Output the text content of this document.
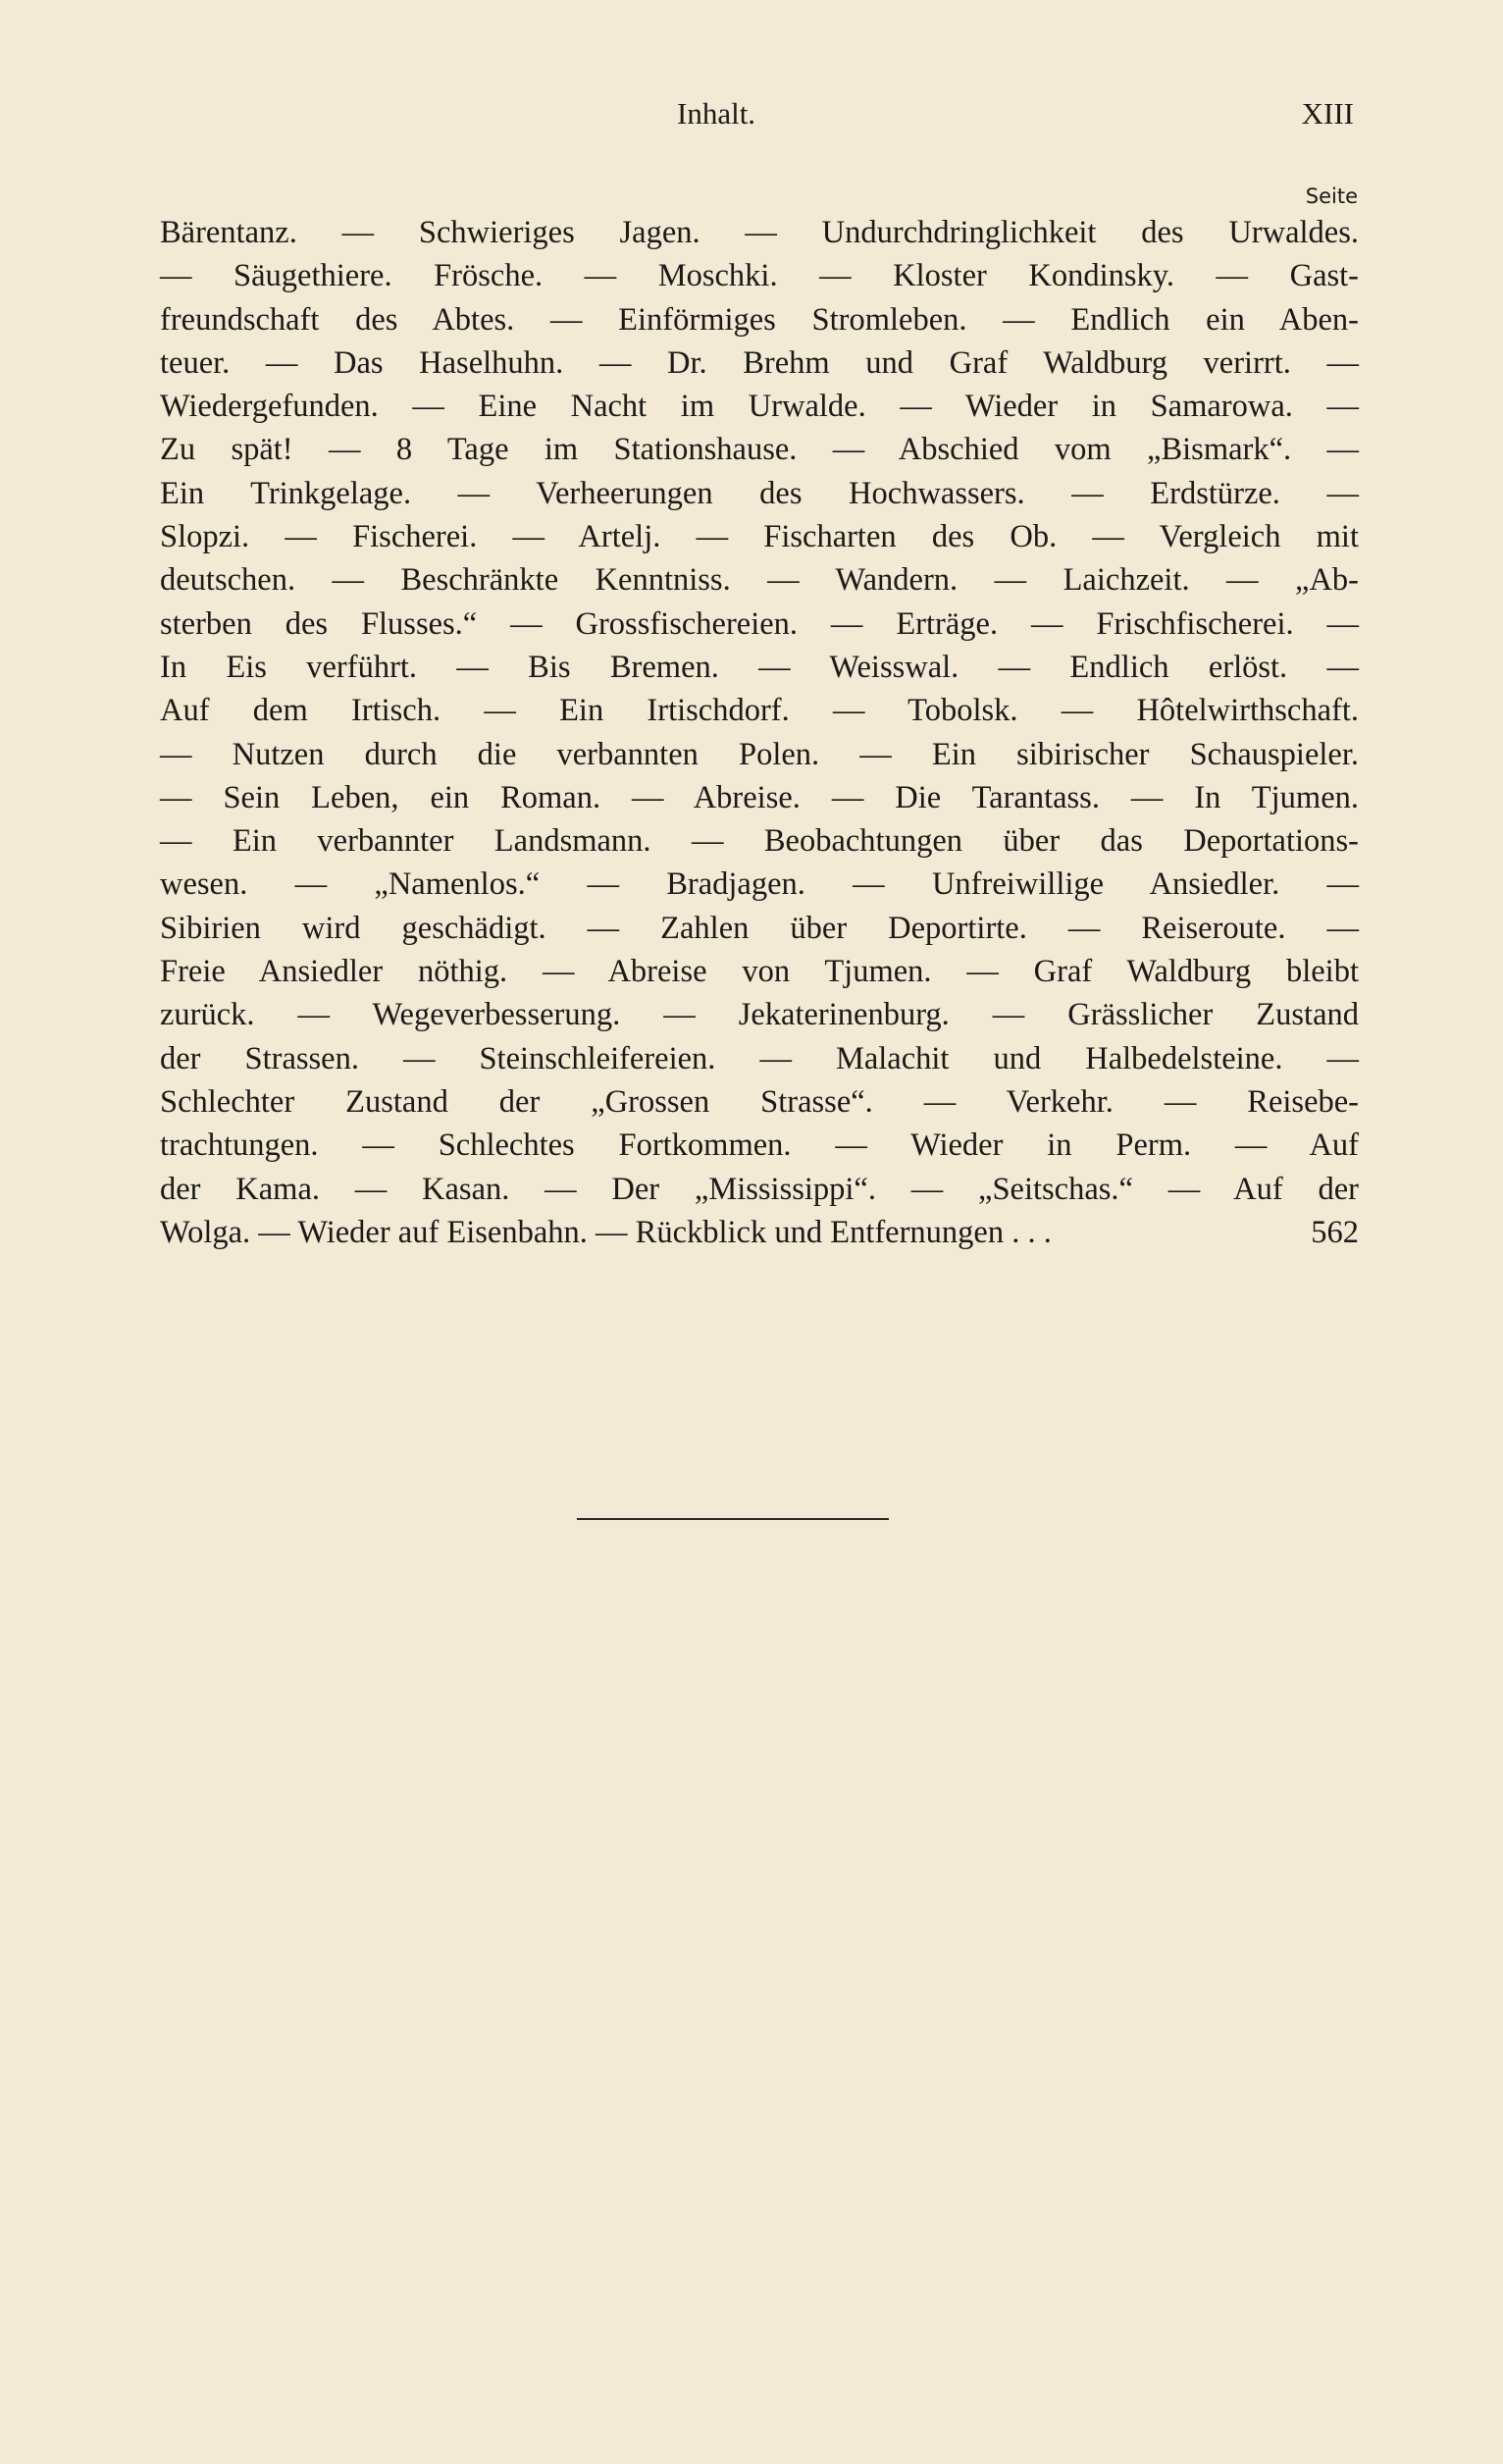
Inhalt.	XIII
Seite
Bärentanz. — Schwieriges Jagen. — Undurchdringlichkeit des Urwaldes.
— Säugethiere. Frösche. — Moschki. — Kloster Kondinsky. — Gast-
freundschaft des Abtes. — Einförmiges Stromleben. — Endlich ein Aben-
teuer. — Das Haselhuhn. — Dr. Brehm und Graf Waldburg verirrt. —
Wiedergefunden. — Eine Nacht im Urwalde. — Wieder in Samarowa. —
Zu spät! — 8 Tage im Stationshause. — Abschied vom „Bismark“. —
Ein Trinkgelage. — Verheerungen des Hochwassers. — Erdstürze. —
Slopzi. — Fischerei. — Artelj. — Fischarten des Ob. — Vergleich mit
deutschen. — Beschränkte Kenntniss. — Wandern. — Laichzeit. — „Ab-
sterben des Flusses.“ — Grossfischereien. — Erträge. — Frischfischerei. —
In Eis verführt. — Bis Bremen. — Weisswal. — Endlich erlöst. —
Auf dem Irtisch. — Ein Irtischdorf. — Tobolsk. — Hôtelwirthschaft.
— Nutzen durch die verbannten Polen. — Ein sibirischer Schauspieler.
— Sein Leben, ein Roman. — Abreise. — Die Tarantass. — In Tjumen.
— Ein verbannter Landsmann. — Beobachtungen über das Deportations-
wesen. — „Namenlos.“ — Bradjagen. — Unfreiwillige Ansiedler. —
Sibirien wird geschädigt. — Zahlen über Deportirte. — Reiseroute. —
Freie Ansiedler nöthig. — Abreise von Tjumen. — Graf Waldburg bleibt
zurück. — Wegeverbesserung. — Jekaterinenburg. — Grässlicher Zustand
der Strassen. — Steinschleifereien. — Malachit und Halbedelsteine. —
Schlechter Zustand der „Grossen Strasse“. — Verkehr. — Reisebe-
trachtungen. — Schlechtes Fortkommen. — Wieder in Perm. — Auf
der Kama. — Kasan. — Der „Mississippi“. — „Seitschas.“ — Auf der
Wolga. — Wieder auf Eisenbahn. — Rückblick und Entfernungen . . .	562
